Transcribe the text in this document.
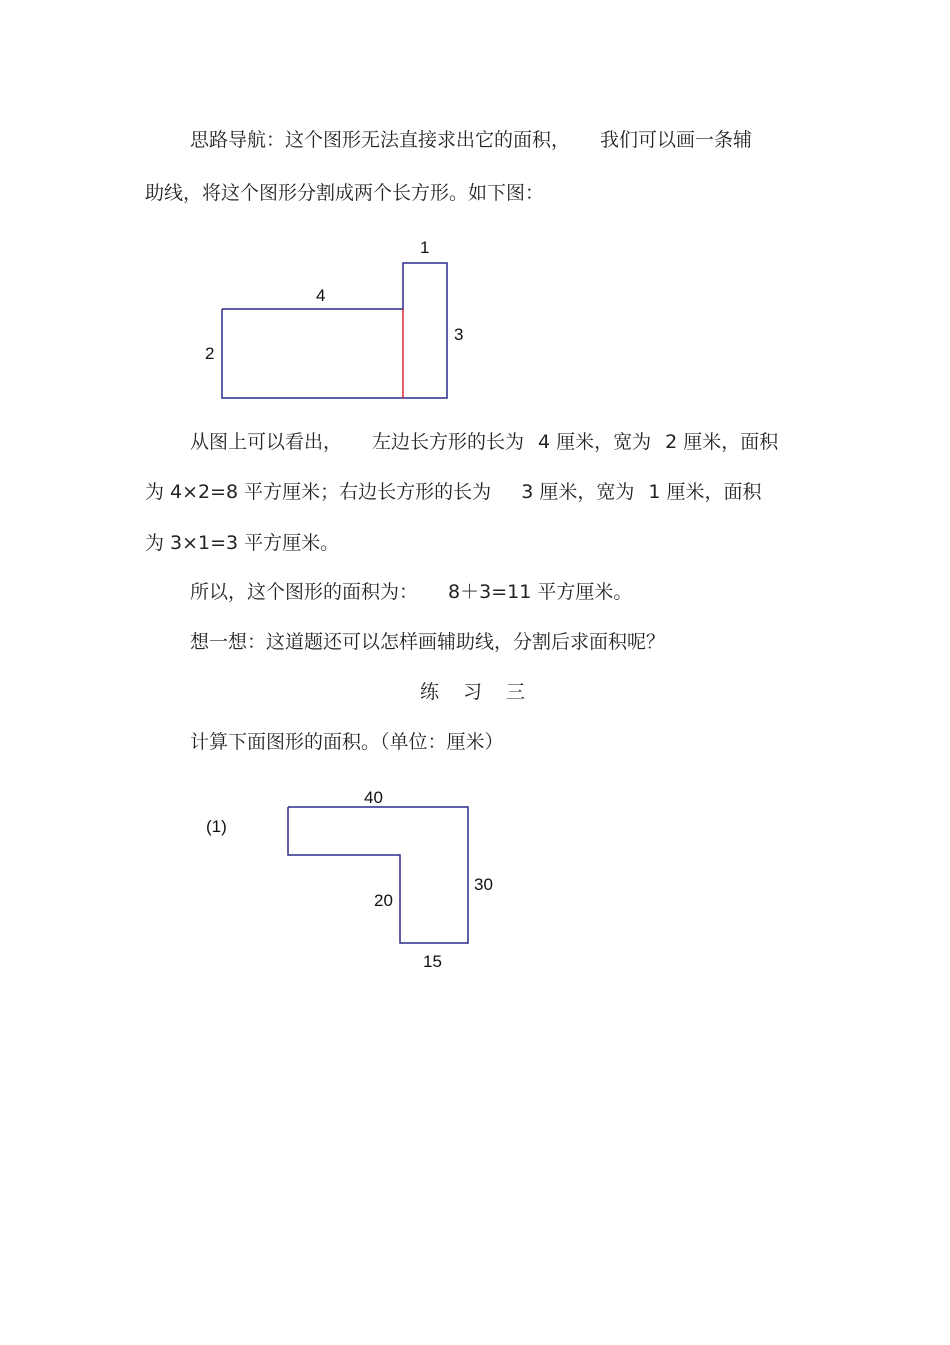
思路导航：这个图形无法直接求出它的面积， 我们可以画一条辅
助线，将这个图形分割成两个长方形。如下图：
1
4
3
2
从图上可以看出， 左边长方形的长为 4 厘米，宽为 2 厘米，面积
为 4×2=8 平方厘米；右边长方形的长为 3 厘米，宽为 1 厘米，面积
为 3×1=3 平方厘米。
所以，这个图形的面积为： 8＋3=11 平方厘米。
想一想：这道题还可以怎样画辅助线，分割后求面积呢？
练 习 三
计算下面图形的面积。（单位：厘米）
(1)
40
30
20
15
